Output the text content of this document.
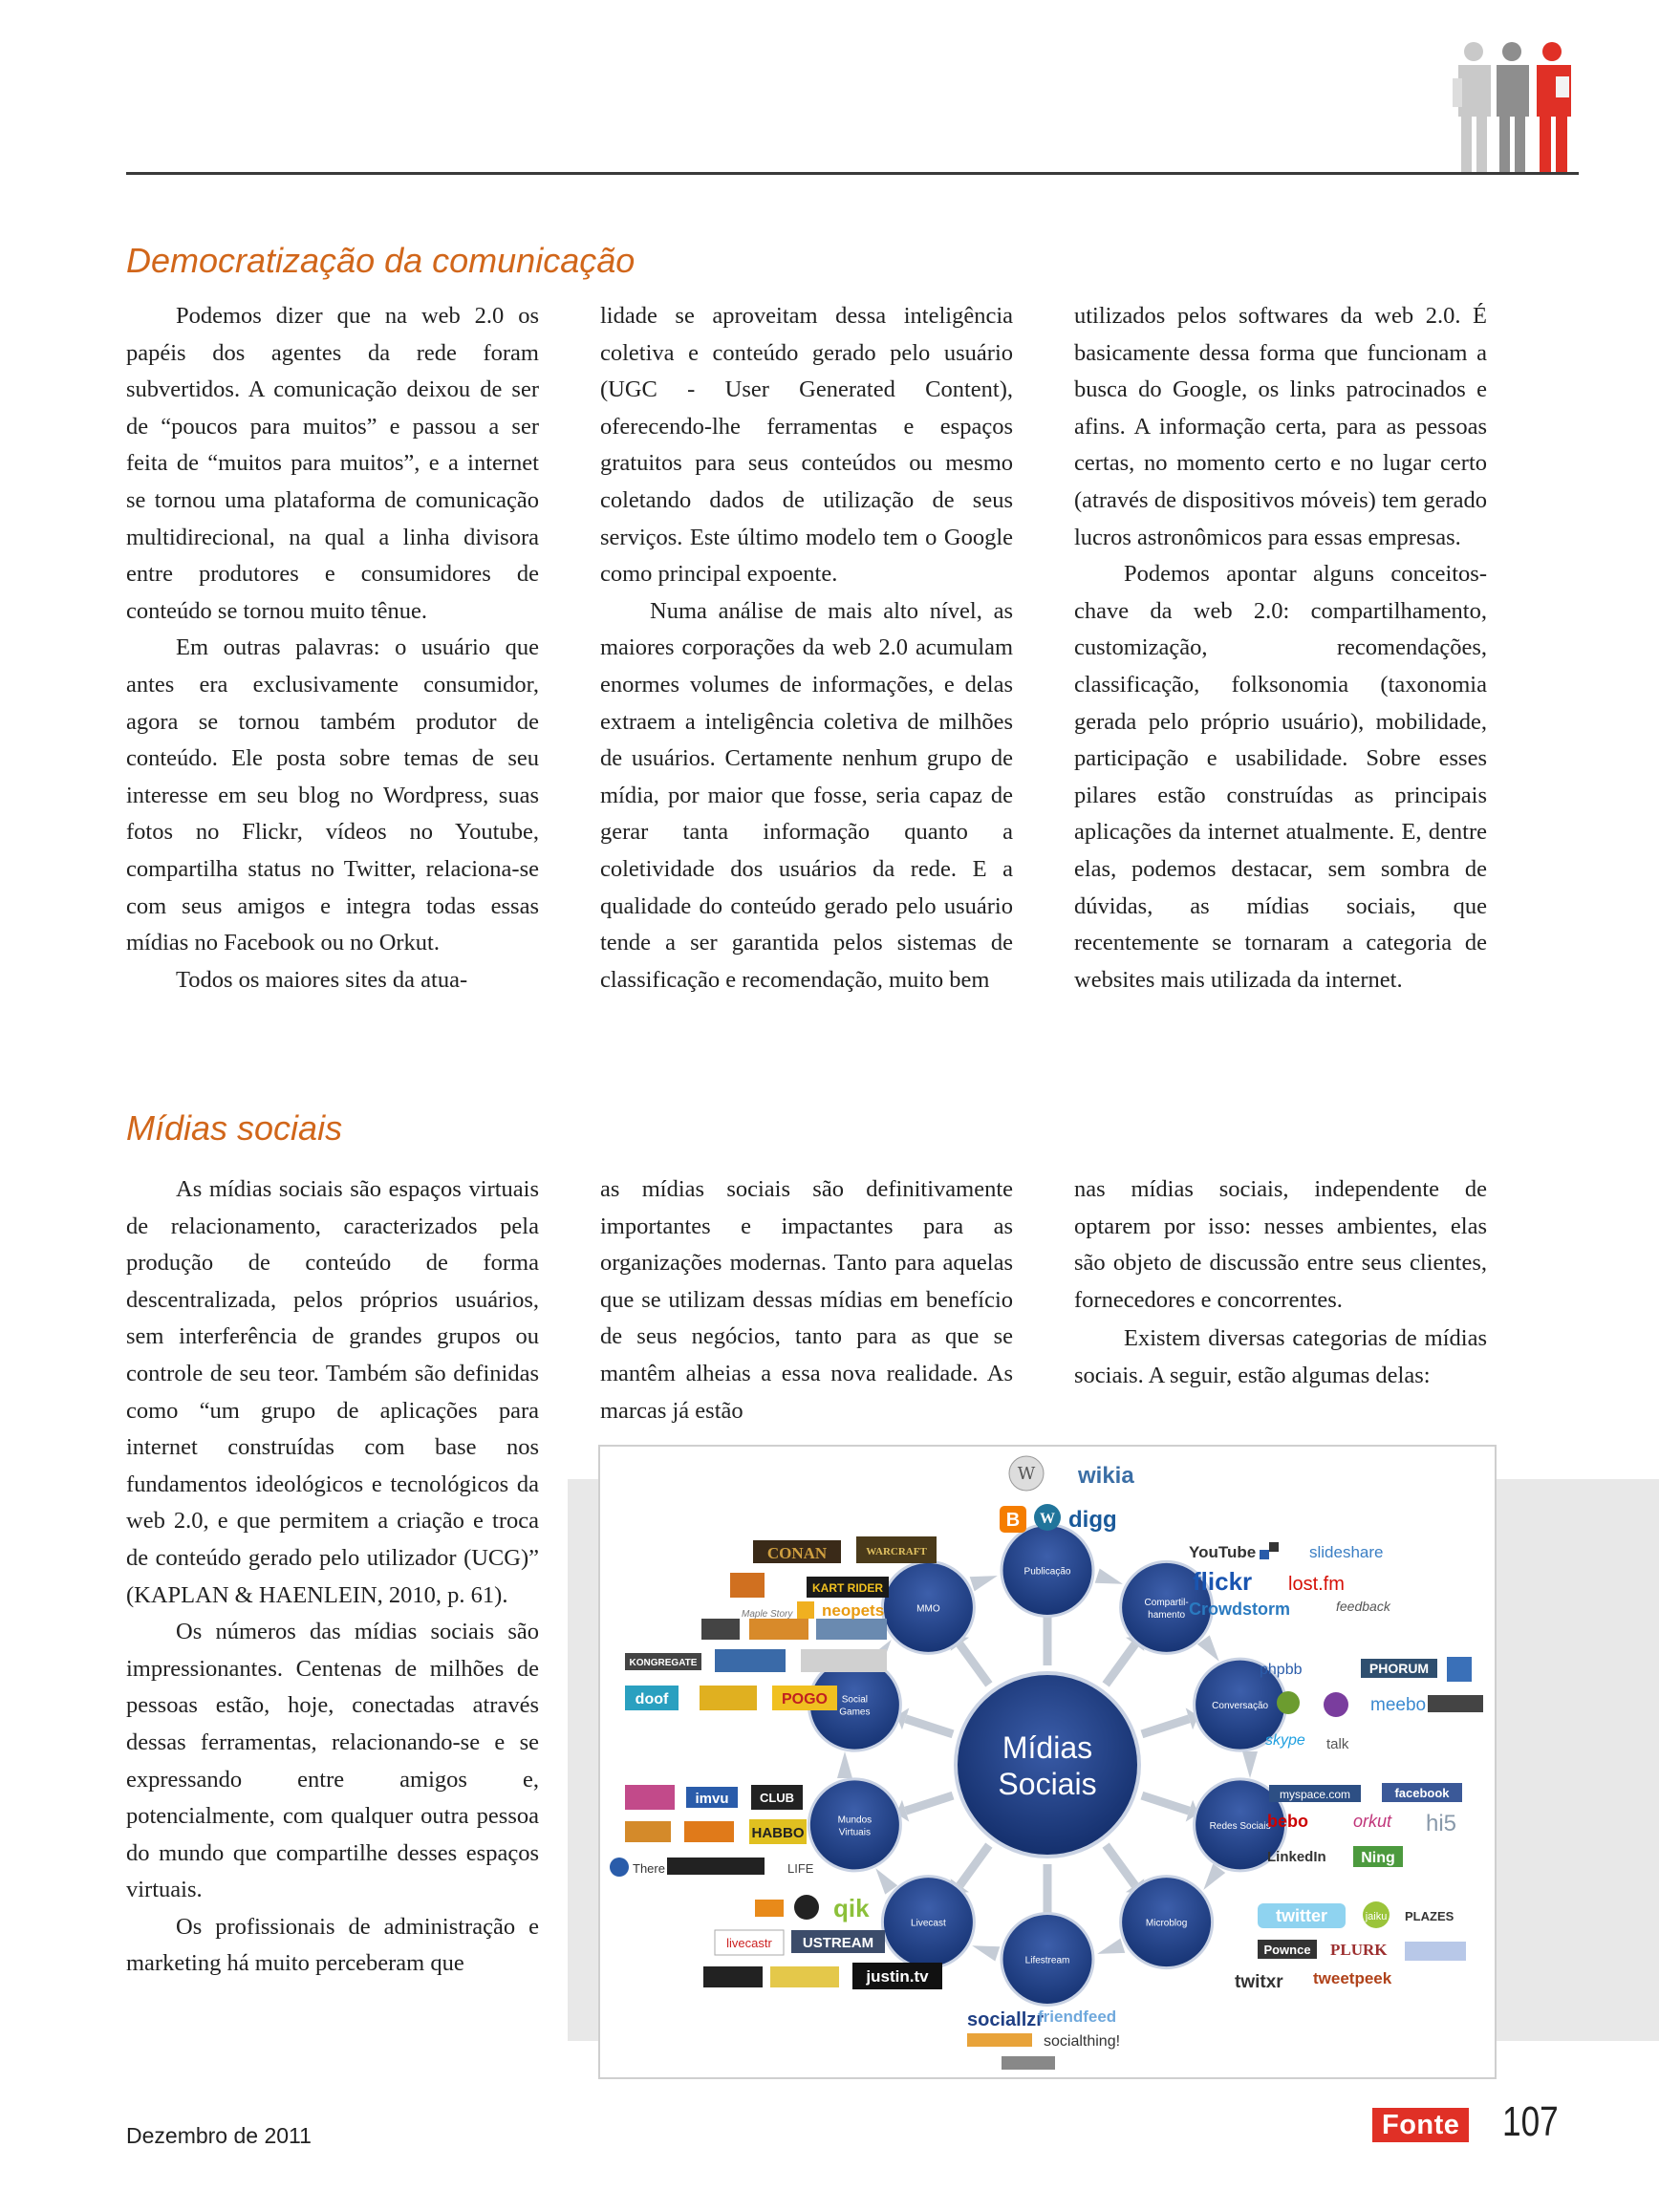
Democratização da comunicação

Podemos dizer que na web 2.0 os papéis dos agentes da rede foram subvertidos. A comunicação deixou de ser de “poucos para muitos” e passou a ser feita de “muitos para muitos”, e a internet se tornou uma plataforma de comunicação multidirecional, na qual a linha divisora entre produtores e consumidores de conteúdo se tornou muito tênue.

Em outras palavras: o usuário que antes era exclusivamente consumidor, agora se tornou também produtor de conteúdo. Ele posta sobre temas de seu interesse em seu blog no Wordpress, suas fotos no Flickr, vídeos no Youtube, compartilha status no Twitter, relaciona-se com seus amigos e integra todas essas mídias no Facebook ou no Orkut.

Todos os maiores sites da atua-

lidade se aproveitam dessa inteligência coletiva e conteúdo gerado pelo usuário (UGC - User Generated Content), oferecendo-lhe ferramentas e espaços gratuitos para seus conteúdos ou mesmo coletando dados de utilização de seus serviços. Este último modelo tem o Google como principal expoente.

Numa análise de mais alto nível, as maiores corporações da web 2.0 acumulam enormes volumes de informações, e delas extraem a inteligência coletiva de milhões de usuários. Certamente nenhum grupo de mídia, por maior que fosse, seria capaz de gerar tanta informação quanto a coletividade dos usuários da rede. E a qualidade do conteúdo gerado pelo usuário tende a ser garantida pelos sistemas de classificação e recomendação, muito bem

utilizados pelos softwares da web 2.0. É basicamente dessa forma que funcionam a busca do Google, os links patrocinados e afins. A informação certa, para as pessoas certas, no momento certo e no lugar certo (através de dispositivos móveis) tem gerado lucros astronômicos para essas empresas.

Podemos apontar alguns conceitos-chave da web 2.0: compartilhamento, customização, recomendações, classificação, folksonomia (taxonomia gerada pelo próprio usuário), mobilidade, participação e usabilidade. Sobre esses pilares estão construídas as principais aplicações da internet atualmente. E, dentre elas, podemos destacar, sem sombra de dúvidas, as mídias sociais, que recentemente se tornaram a categoria de websites mais utilizada da internet.

Mídias sociais

As mídias sociais são espaços virtuais de relacionamento, caracterizados pela produção de conteúdo de forma descentralizada, pelos próprios usuários, sem interferência de grandes grupos ou controle de seu teor. Também são definidas como “um grupo de aplicações para internet construídas com base nos fundamentos ideológicos e tecnológicos da web 2.0, e que permitem a criação e troca de conteúdo gerado pelo utilizador (UCG)” (KAPLAN & HAENLEIN, 2010, p. 61).

Os números das mídias sociais são impressionantes. Centenas de milhões de pessoas estão, hoje, conectadas através dessas ferramentas, relacionando-se e se expressando entre amigos e, potencialmente, com qualquer outra pessoa do mundo que compartilhe desses espaços virtuais.

Os profissionais de administração e marketing há muito perceberam que

as mídias sociais são definitivamente importantes e impactantes para as organizações modernas. Tanto para aquelas que se utilizam dessas mídias em benefício de seus negócios, tanto para as que se mantêm alheias a essa nova realidade. As marcas já estão

nas mídias sociais, independente de optarem por isso: nesses ambientes, elas são objeto de discussão entre seus clientes, fornecedores e concorrentes.

Existem diversas categorias de mídias sociais. A seguir, estão algumas delas:

Publicação
Compartil-
hamento
Conversação
Redes Sociais
Microblog
Lifestream
Livecast
Mundos
Virtuais
Social
Games
MMO
Mídias
Sociais
W wikia
B W digg
YouTube	slideshare
flickr lost.fm
Crowdstorm	feedback
phpbb	PHORUM
meebo
skype talk
myspace.com	facebook
bebo	orkut hi5
LinkedIn Ning
twitter	jaiku PLAZES
Pownce PLURK
twitxr tweetpeek
sociallzr
friendfeed
socialthing!
qik
livecastr USTREAM
justin.tv
imvu CLUB
HABBO
There	LIFE
KONGREGATE
doof	POGO
CONAN	WARCRAFT
KART RIDER
Maple Story neopets
Dezembro de 2011	Fonte 107
